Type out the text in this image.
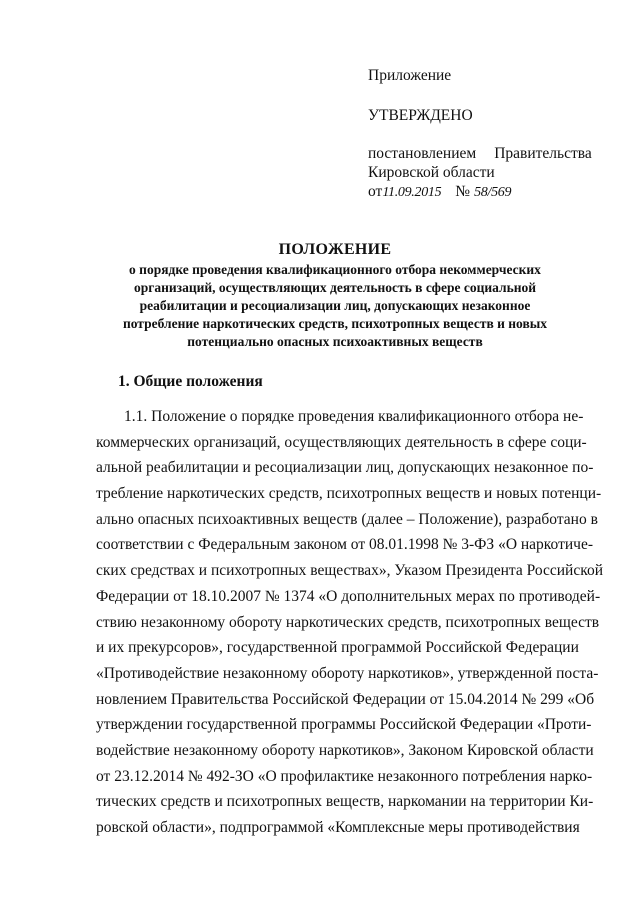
Приложение
УТВЕРЖДЕНО
постановлением Правительства
Кировской области
от11.09.2015 № 58/569
ПОЛОЖЕНИЕ
о порядке проведения квалификационного отбора некоммерческих
организаций, осуществляющих деятельность в сфере социальной
реабилитации и ресоциализации лиц, допускающих незаконное
потребление наркотических средств, психотропных веществ и новых
потенциально опасных психоактивных веществ
1. Общие положения
1.1. Положение о порядке проведения квалификационного отбора не-
коммерческих организаций, осуществляющих деятельность в сфере соци-
альной реабилитации и ресоциализации лиц, допускающих незаконное по-
требление наркотических средств, психотропных веществ и новых потенци-
ально опасных психоактивных веществ (далее – Положение), разработано в
соответствии с Федеральным законом от 08.01.1998 № 3-ФЗ «О наркотиче-
ских средствах и психотропных веществах», Указом Президента Российской
Федерации от 18.10.2007 № 1374 «О дополнительных мерах по противодей-
ствию незаконному обороту наркотических средств, психотропных веществ
и их прекурсоров», государственной программой Российской Федерации
«Противодействие незаконному обороту наркотиков», утвержденной поста-
новлением Правительства Российской Федерации от 15.04.2014 № 299 «Об
утверждении государственной программы Российской Федерации «Проти-
водействие незаконному обороту наркотиков», Законом Кировской области
от 23.12.2014 № 492-ЗО «О профилактике незаконного потребления нарко-
тических средств и психотропных веществ, наркомании на территории Ки-
ровской области», подпрограммой «Комплексные меры противодействия
